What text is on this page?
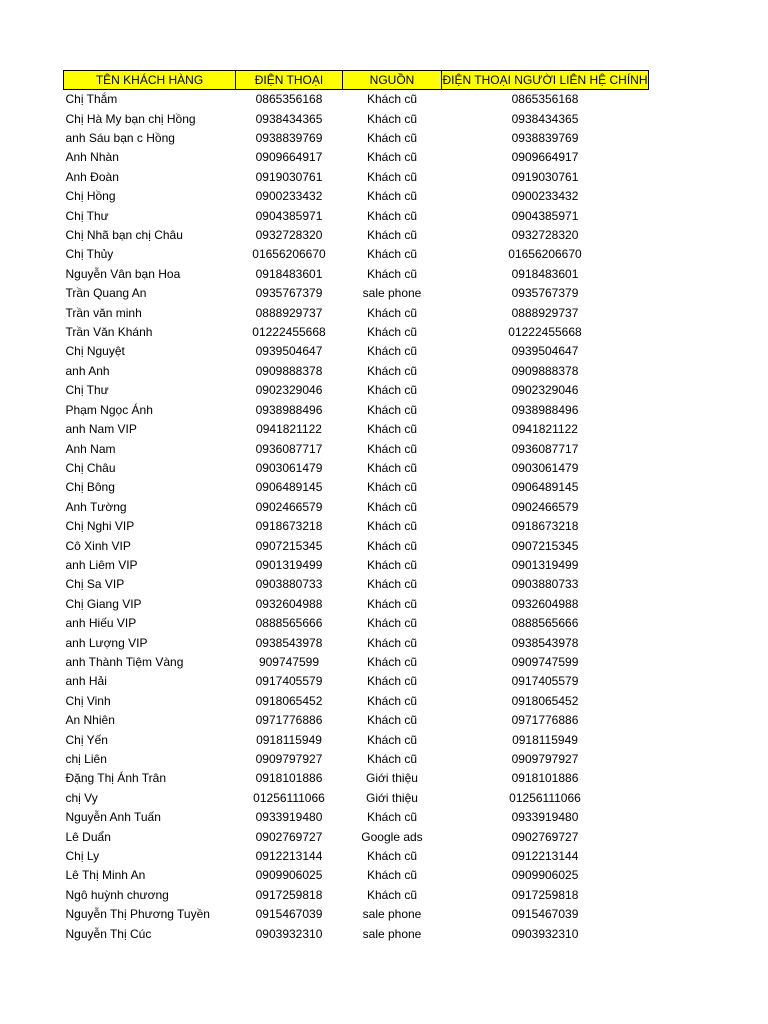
TÊN KHÁCH HÀNG	ĐIỆN THOẠI	NGUỒN	ĐIỆN THOẠI NGƯỜI LIÊN HỆ CHÍNH
Chị Thắm	0865356168	Khách cũ	0865356168
Chị Hà My bạn chị Hồng	0938434365	Khách cũ	0938434365
anh Sáu bạn c Hồng	0938839769	Khách cũ	0938839769
Anh Nhàn	0909664917	Khách cũ	0909664917
Anh Đoàn	0919030761	Khách cũ	0919030761
Chị Hồng	0900233432	Khách cũ	0900233432
Chị Thư	0904385971	Khách cũ	0904385971
Chị Nhã bạn chị Châu	0932728320	Khách cũ	0932728320
Chị Thủy	01656206670	Khách cũ	01656206670
Nguyễn Vân bạn Hoa	0918483601	Khách cũ	0918483601
Trần Quang An	0935767379	sale phone	0935767379
Trần văn minh	0888929737	Khách cũ	0888929737
Trần Văn Khánh	01222455668	Khách cũ	01222455668
Chị Nguyệt	0939504647	Khách cũ	0939504647
anh Anh	0909888378	Khách cũ	0909888378
Chị Thư	0902329046	Khách cũ	0902329046
Phạm Ngọc Ánh	0938988496	Khách cũ	0938988496
anh Nam VIP	0941821122	Khách cũ	0941821122
Anh Nam	0936087717	Khách cũ	0936087717
Chị Châu	0903061479	Khách cũ	0903061479
Chị Bông	0906489145	Khách cũ	0906489145
Anh Tường	0902466579	Khách cũ	0902466579
Chị Nghi VIP	0918673218	Khách cũ	0918673218
Cô Xinh VIP	0907215345	Khách cũ	0907215345
anh Liêm VIP	0901319499	Khách cũ	0901319499
Chị Sa VIP	0903880733	Khách cũ	0903880733
Chị Giang VIP	0932604988	Khách cũ	0932604988
anh Hiếu VIP	0888565666	Khách cũ	0888565666
anh Lượng VIP	0938543978	Khách cũ	0938543978
anh Thành Tiệm Vàng	909747599	Khách cũ	0909747599
anh Hải	0917405579	Khách cũ	0917405579
Chị Vinh	0918065452	Khách cũ	0918065452
An Nhiên	0971776886	Khách cũ	0971776886
Chị Yến	0918115949	Khách cũ	0918115949
chị Liên	0909797927	Khách cũ	0909797927
Đặng Thị Ánh Trân	0918101886	Giới thiệu	0918101886
chị Vy	01256111066	Giới thiệu	01256111066
Nguyễn Anh Tuấn	0933919480	Khách cũ	0933919480
Lê Duẩn	0902769727	Google ads	0902769727
Chị Ly	0912213144	Khách cũ	0912213144
Lê Thị Minh An	0909906025	Khách cũ	0909906025
Ngô huỳnh chương	0917259818	Khách cũ	0917259818
Nguyễn Thị Phương Tuyền	0915467039	sale phone	0915467039
Nguyễn Thị Cúc	0903932310	sale phone	0903932310
